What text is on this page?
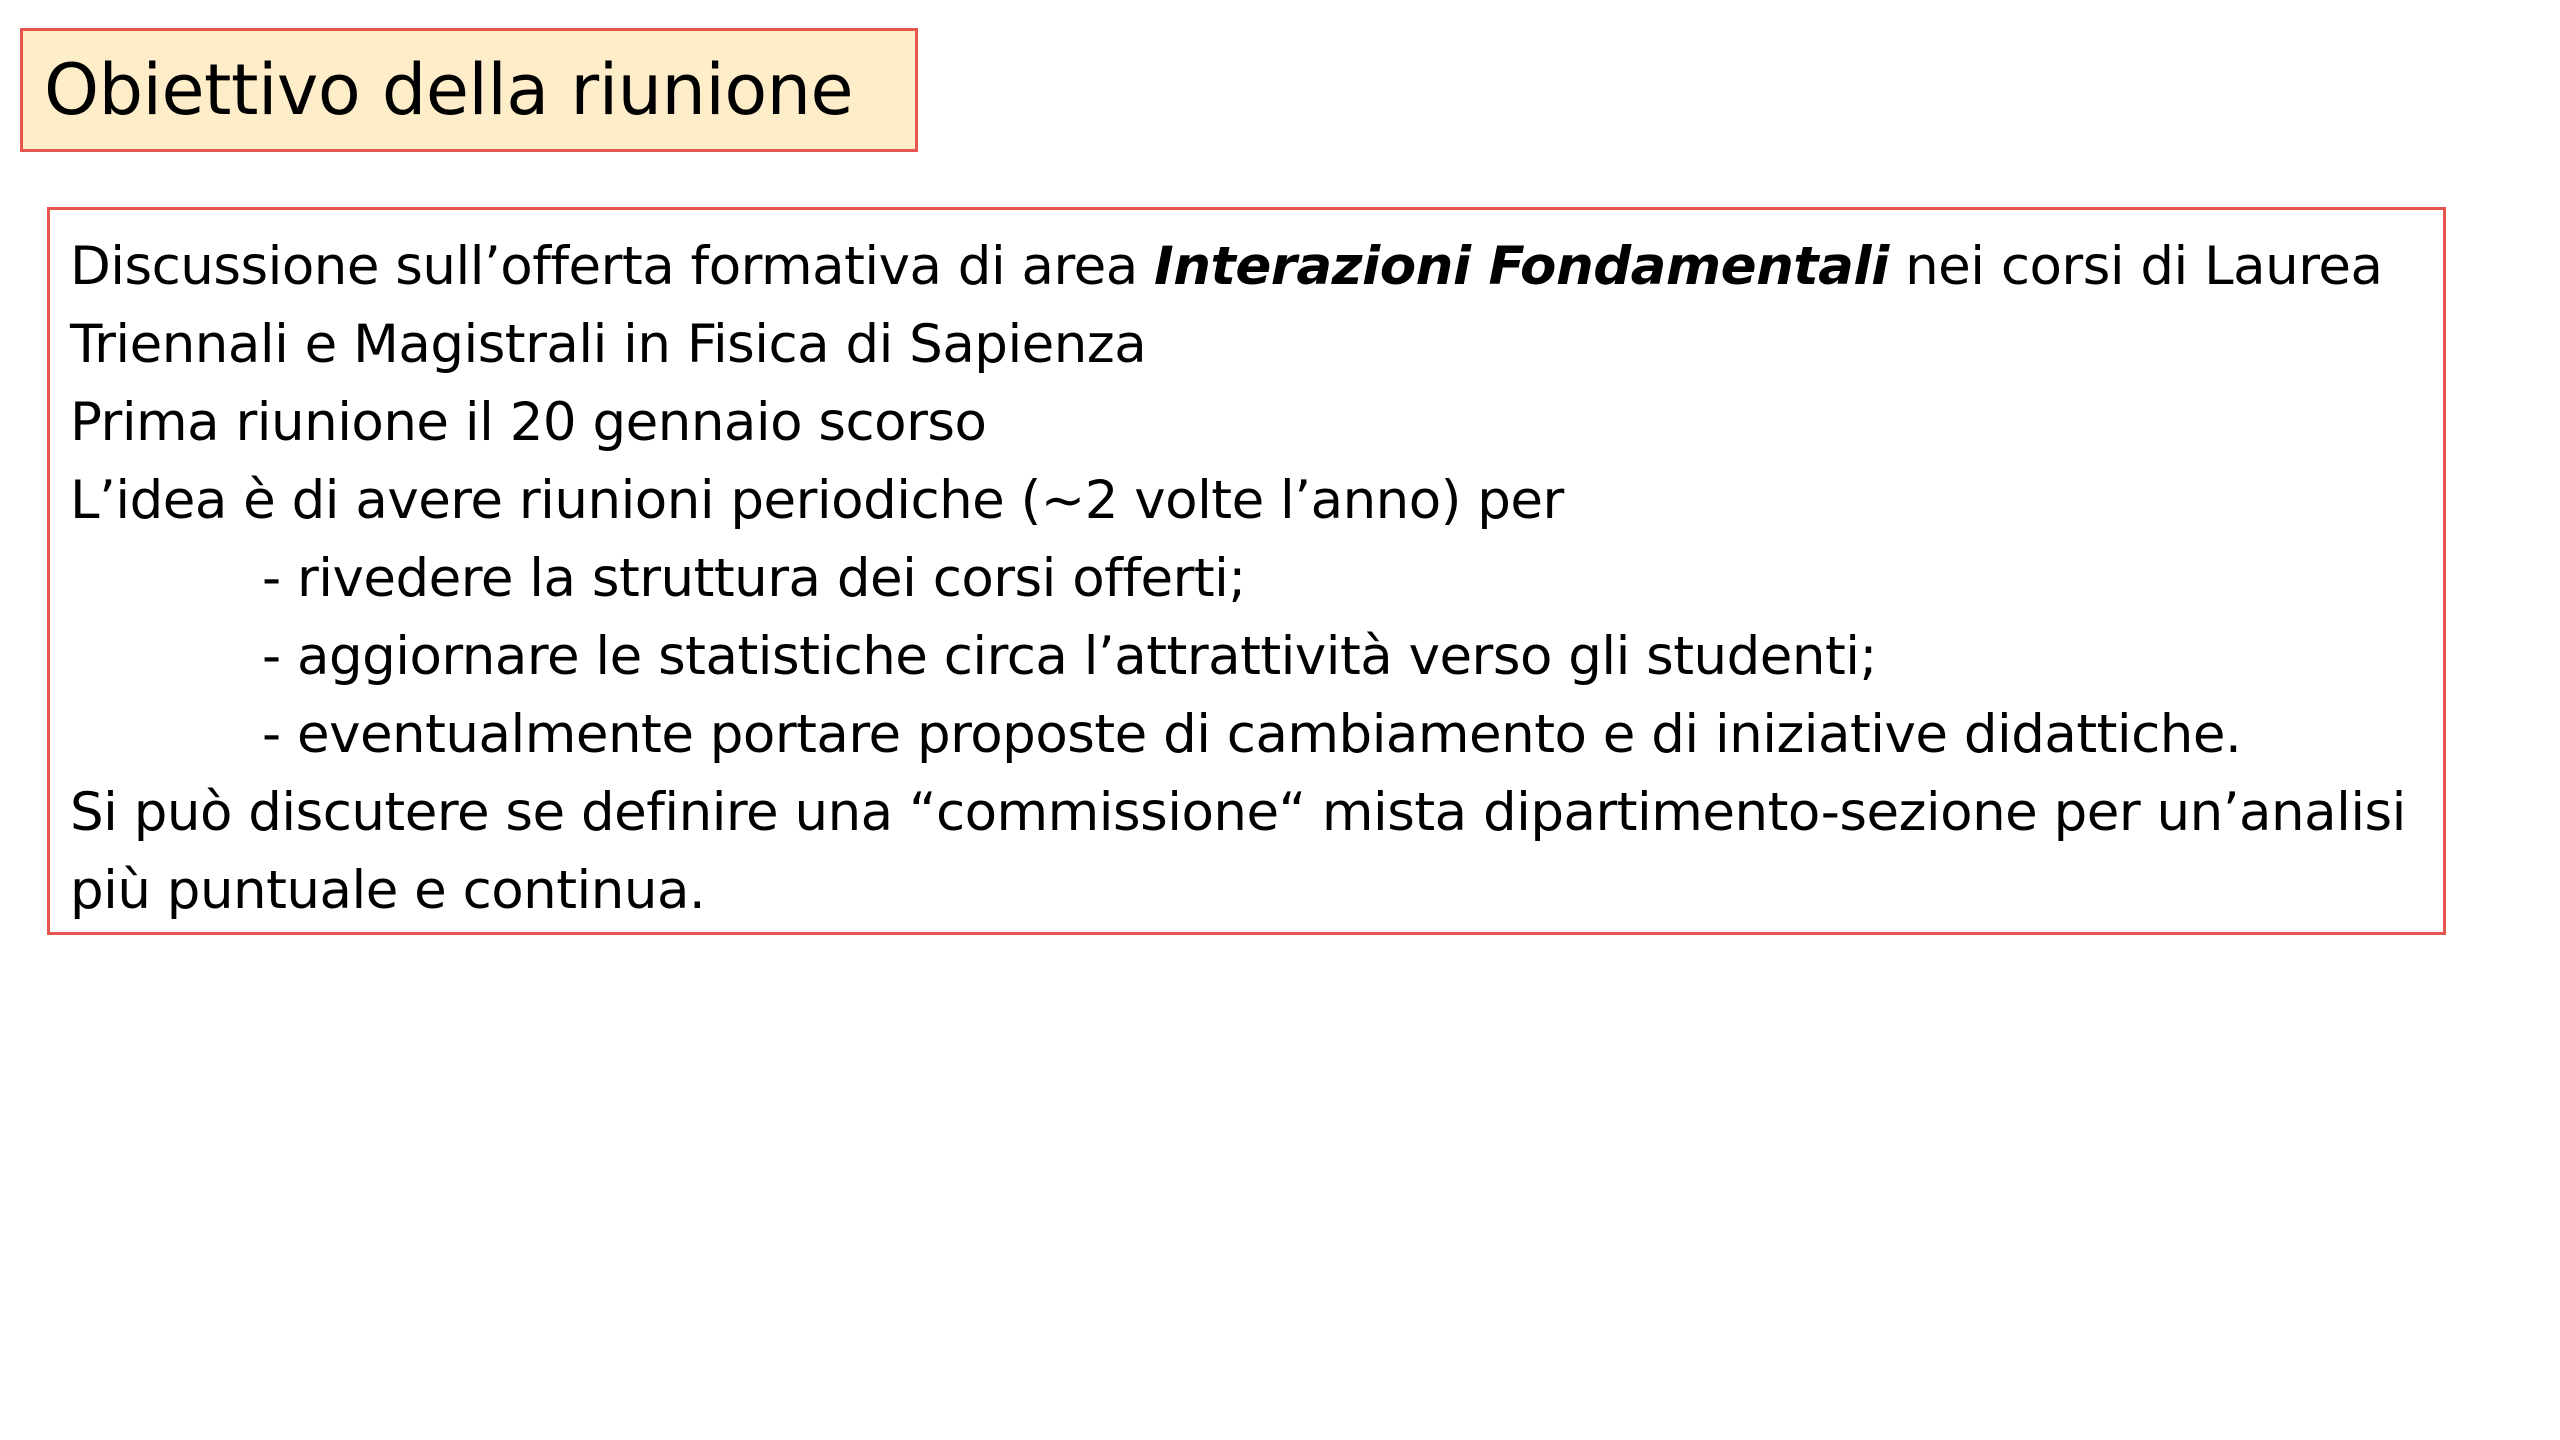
Obiettivo della riunione
Discussione sull’offerta formativa di area Interazioni Fondamentali nei corsi di Laurea
Triennali e Magistrali in Fisica di Sapienza
Prima riunione il 20 gennaio scorso
L’idea è di avere riunioni periodiche (~2 volte l’anno) per
- rivedere la struttura dei corsi offerti;
- aggiornare le statistiche circa l’attrattività verso gli studenti;
- eventualmente portare proposte di cambiamento e di iniziative didattiche.
Si può discutere se definire una “commissione“ mista dipartimento-sezione per un’analisi
più puntuale e continua.
